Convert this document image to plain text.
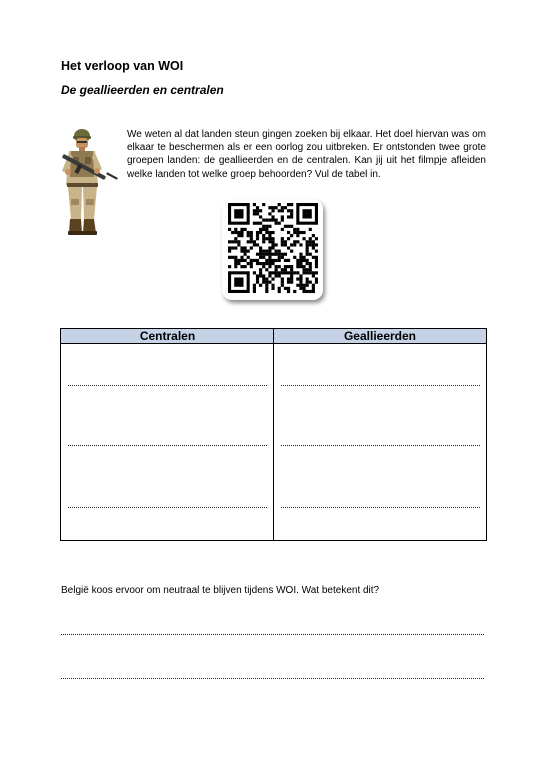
Het verloop van WOI
De geallieerden en centralen

We weten al dat landen steun gingen zoeken bij elkaar. Het doel hiervan was om elkaar te beschermen als er een oorlog zou uitbreken. Er ontstonden twee grote groepen landen: de geallieerden en de centralen. Kan jij uit het filmpje afleiden welke landen tot welke groep behoorden? Vul de tabel in.

Centralen	Geallieerden

België koos ervoor om neutraal te blijven tijdens WOI. Wat betekent dit?
